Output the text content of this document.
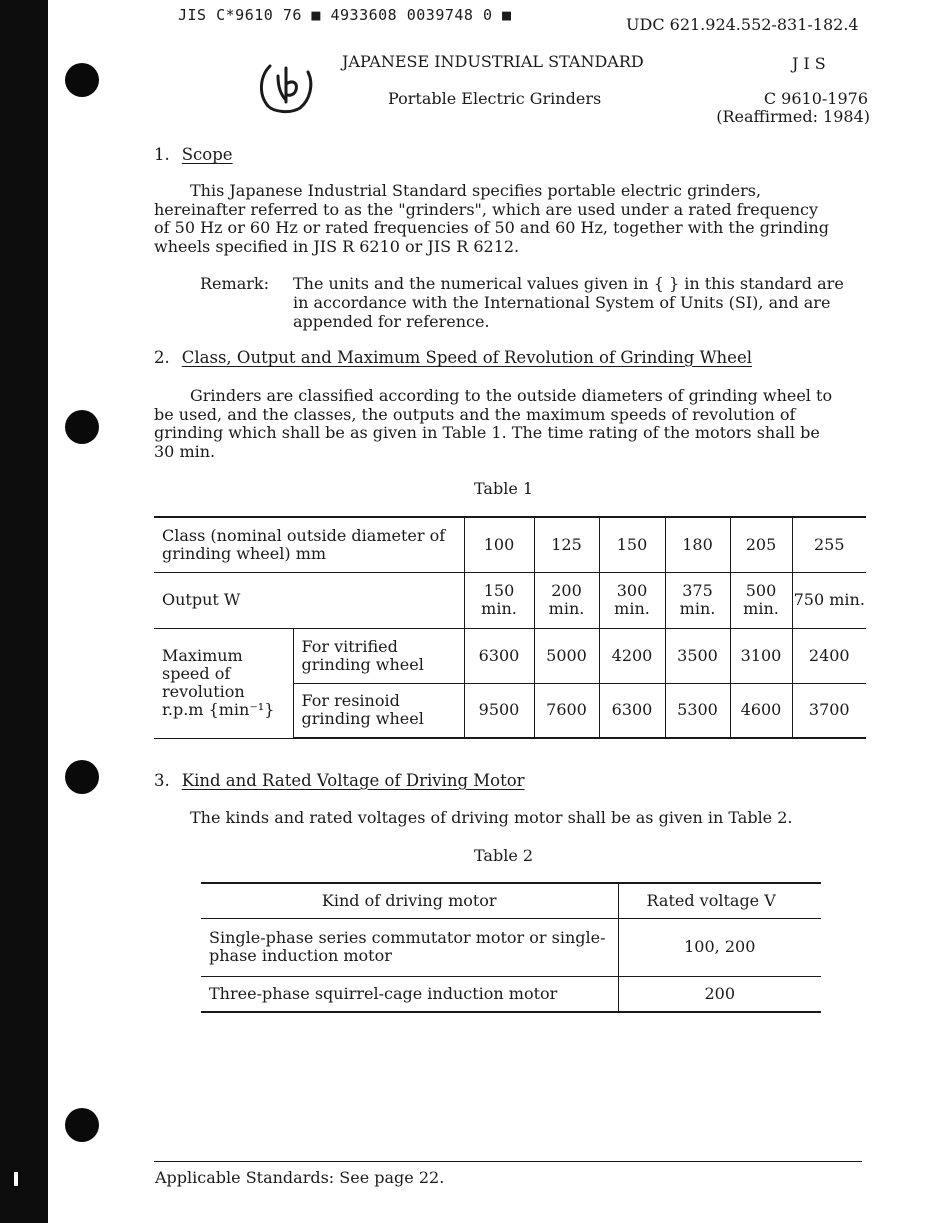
JIS C*9610 76 ■ 4933608 0039748 0 ■	UDC 621.924.552-831-182.4
JAPANESE INDUSTRIAL STANDARD	JIS
Portable Electric Grinders	C 9610-1976
(Reaffirmed: 1984)
1. Scope
This Japanese Industrial Standard specifies portable electric grinders, hereinafter referred to as the "grinders", which are used under a rated frequency of 50 Hz or 60 Hz or rated frequencies of 50 and 60 Hz, together with the grinding wheels specified in JIS R 6210 or JIS R 6212.
Remark: The units and the numerical values given in { } in this standard are in accordance with the International System of Units (SI), and are appended for reference.
2. Class, Output and Maximum Speed of Revolution of Grinding Wheel
Grinders are classified according to the outside diameters of grinding wheel to be used, and the classes, the outputs and the maximum speeds of revolution of grinding which shall be as given in Table 1. The time rating of the motors shall be 30 min.
Table 1
Class (nominal outside diameter of grinding wheel) mm		100	125	150	180	205	255
Output W		150 min.	200 min.	300 min.	375 min.	500 min.	750 min.
Maximum speed of revolution r.p.m {min⁻¹}	For vitrified grinding wheel	6300	5000	4200	3500	3100	2400
	For resinoid grinding wheel	9500	7600	6300	5300	4600	3700
3. Kind and Rated Voltage of Driving Motor
The kinds and rated voltages of driving motor shall be as given in Table 2.
Table 2
Kind of driving motor	Rated voltage V
Single-phase series commutator motor or single-phase induction motor	100, 200
Three-phase squirrel-cage induction motor	200
Applicable Standards: See page 22.
